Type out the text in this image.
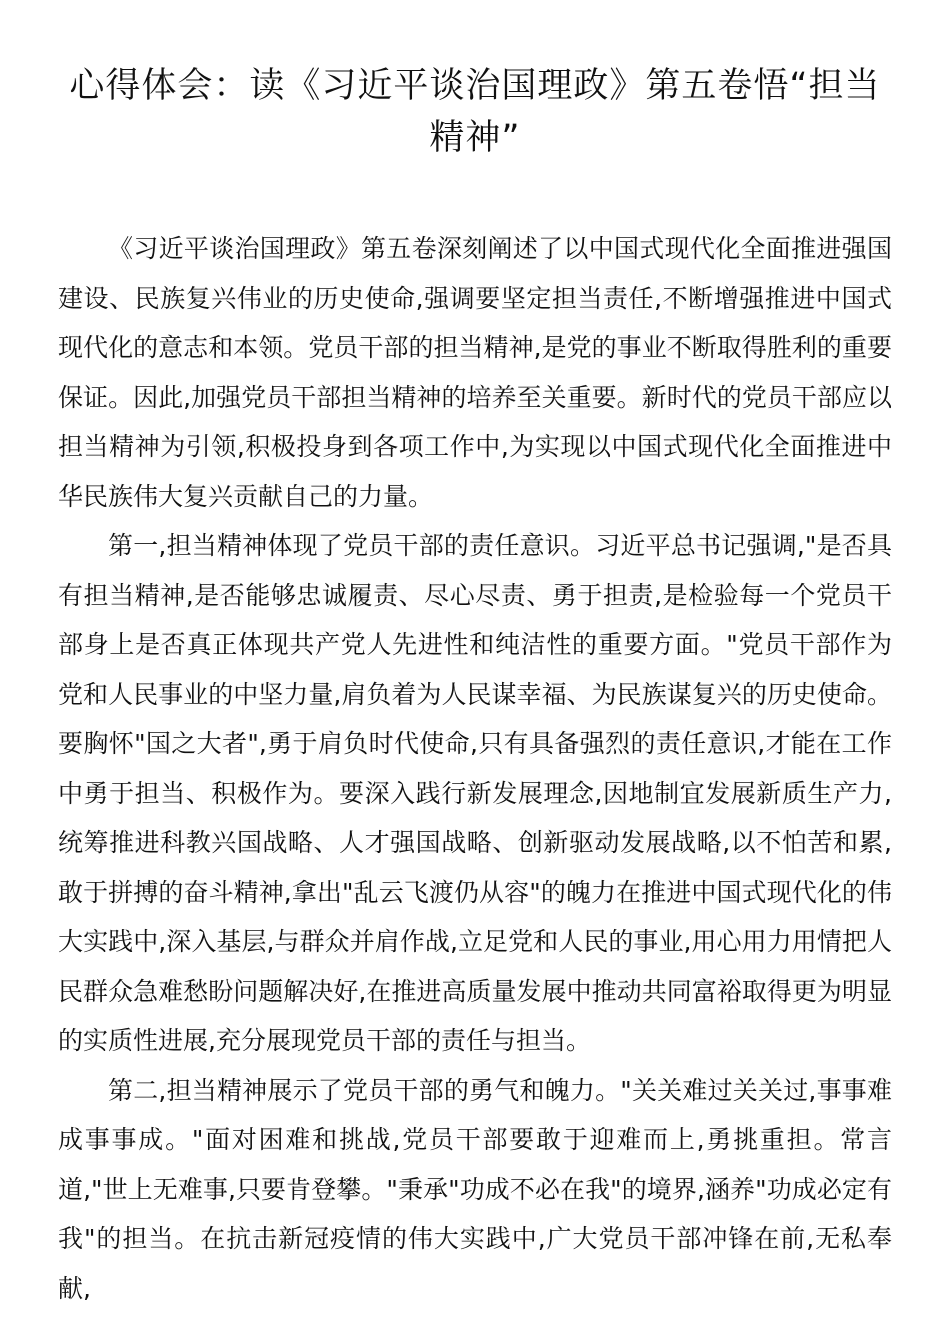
心得体会：读《习近平谈治国理政》第五卷悟“担当精神”

《习近平谈治国理政》第五卷深刻阐述了以中国式现代化全面推进强国建设、民族复兴伟业的历史使命,强调要坚定担当责任,不断增强推进中国式现代化的意志和本领。党员干部的担当精神,是党的事业不断取得胜利的重要保证。因此,加强党员干部担当精神的培养至关重要。新时代的党员干部应以担当精神为引领,积极投身到各项工作中,为实现以中国式现代化全面推进中华民族伟大复兴贡献自己的力量。

第一,担当精神体现了党员干部的责任意识。习近平总书记强调,"是否具有担当精神,是否能够忠诚履责、尽心尽责、勇于担责,是检验每一个党员干部身上是否真正体现共产党人先进性和纯洁性的重要方面。"党员干部作为党和人民事业的中坚力量,肩负着为人民谋幸福、为民族谋复兴的历史使命。要胸怀"国之大者",勇于肩负时代使命,只有具备强烈的责任意识,才能在工作中勇于担当、积极作为。要深入践行新发展理念,因地制宜发展新质生产力,统筹推进科教兴国战略、人才强国战略、创新驱动发展战略,以不怕苦和累,敢于拼搏的奋斗精神,拿出"乱云飞渡仍从容"的魄力在推进中国式现代化的伟大实践中,深入基层,与群众并肩作战,立足党和人民的事业,用心用力用情把人民群众急难愁盼问题解决好,在推进高质量发展中推动共同富裕取得更为明显的实质性进展,充分展现党员干部的责任与担当。

第二,担当精神展示了党员干部的勇气和魄力。"关关难过关关过,事事难成事事成。"面对困难和挑战,党员干部要敢于迎难而上,勇挑重担。常言道,"世上无难事,只要肯登攀。"秉承"功成不必在我"的境界,涵养"功成必定有我"的担当。在抗击新冠疫情的伟大实践中,广大党员干部冲锋在前,无私奉献,
